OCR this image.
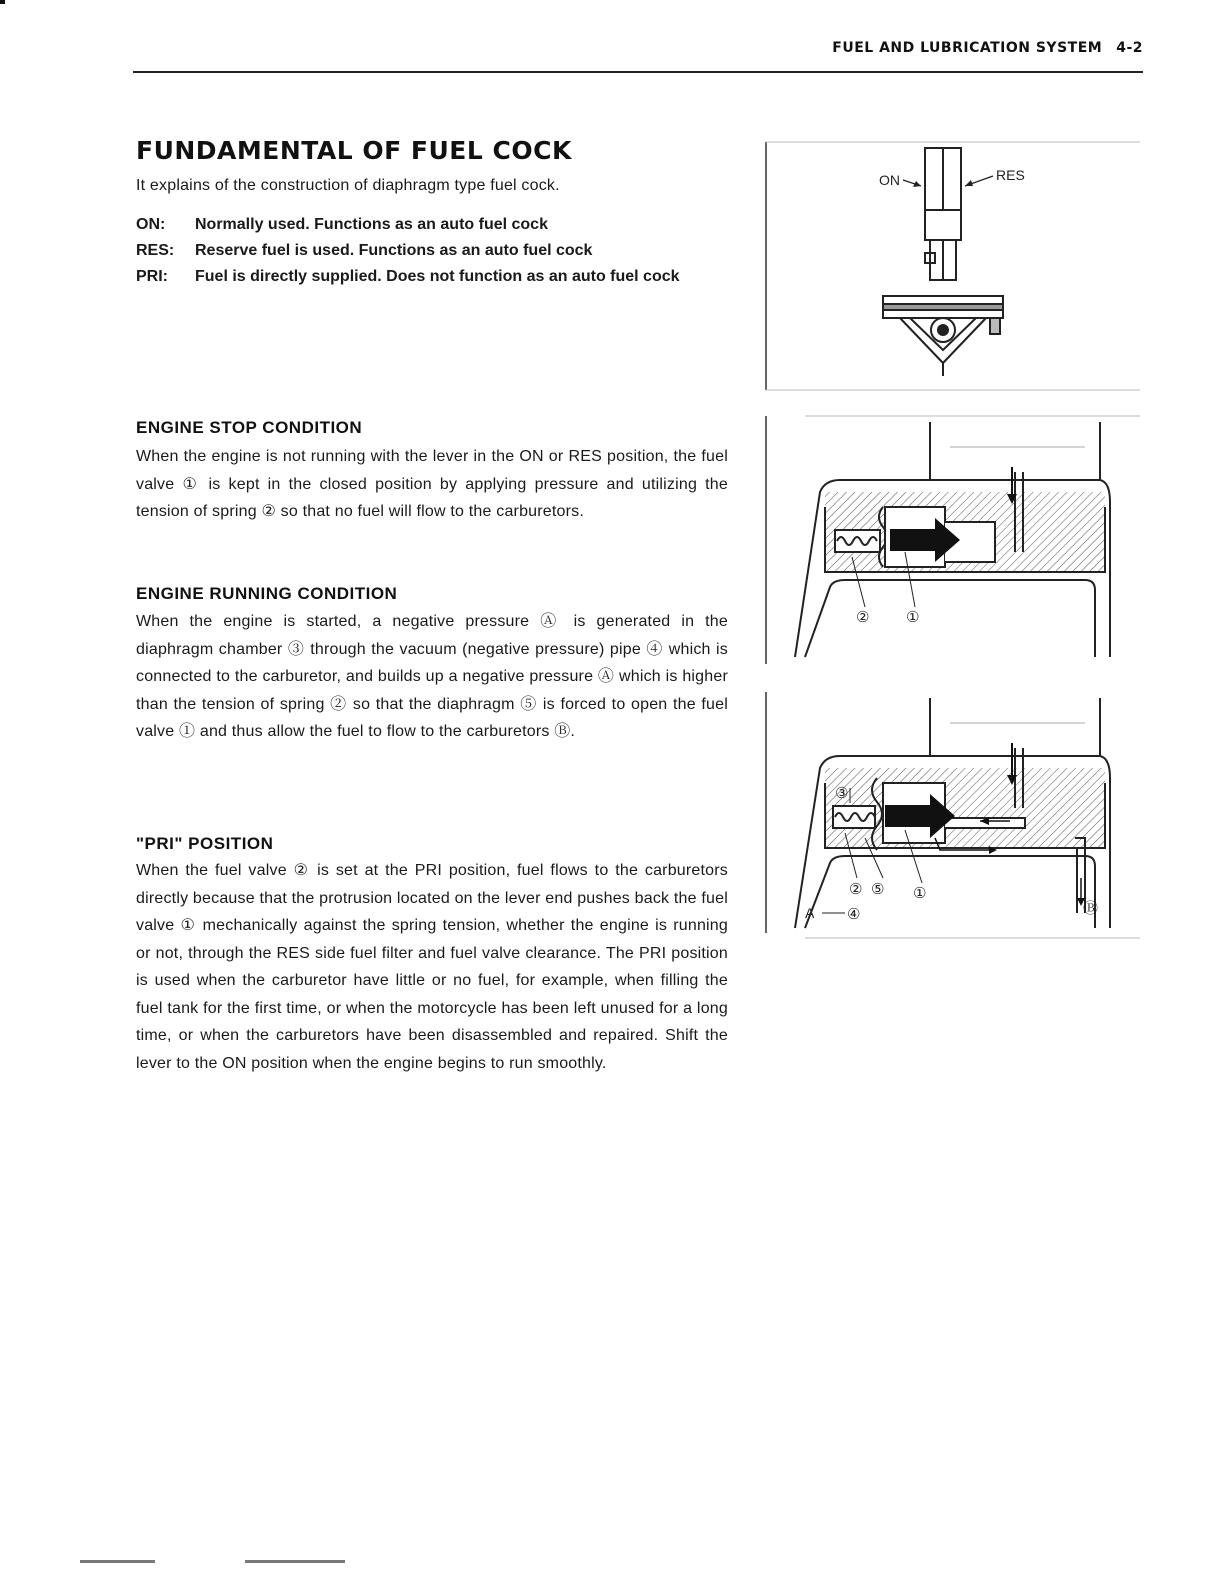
FUEL AND LUBRICATION SYSTEM 4-2
FUNDAMENTAL OF FUEL COCK

It explains of the construction of diaphragm type fuel cock.

ON:	Normally used. Functions as an auto fuel cock
RES:	Reserve fuel is used. Functions as an auto fuel cock
PRI:	Fuel is directly supplied. Does not function as an auto fuel cock
ENGINE STOP CONDITION

When the engine is not running with the lever in the ON or RES position, the fuel valve ① is kept in the closed position by applying pressure and utilizing the tension of spring ② so that no fuel will flow to the carburetors.

ENGINE RUNNING CONDITION

When the engine is started, a negative pressure Ⓐ is generated in the diaphragm chamber ③ through the vacuum (negative pressure) pipe ④ which is connected to the carburetor, and builds up a negative pressure Ⓐ which is higher than the tension of spring ② so that the diaphragm ⑤ is forced to open the fuel valve ① and thus allow the fuel to flow to the carburetors Ⓑ.

"PRI" POSITION

When the fuel valve ② is set at the PRI position, fuel flows to the carburetors directly because that the protrusion located on the lever end pushes back the fuel valve ① mechanically against the spring tension, whether the engine is running or not, through the RES side fuel filter and fuel valve clearance. The PRI position is used when the carburetor have little or no fuel, for example, when filling the fuel tank for the first time, or when the motorcycle has been left unused for a long time, or when the carburetors have been disassembled and repaired. Shift the lever to the ON position when the engine begins to run smoothly.

ON	RES
② ①
③
② ⑤ ①
④
A	Ⓑ
